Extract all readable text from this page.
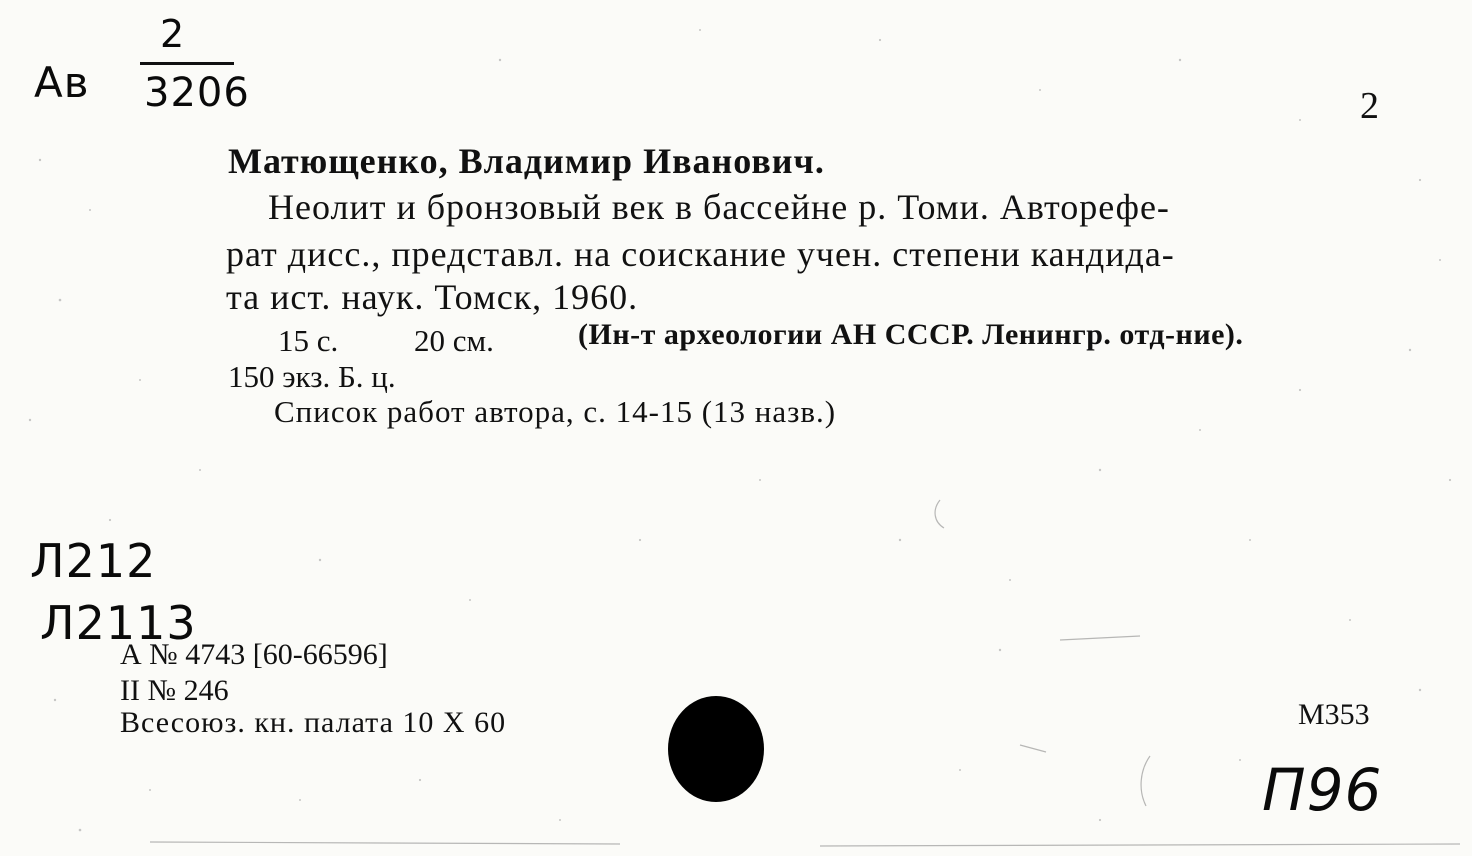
2
Ав 3206	2
Матющенко, Владимир Иванович.
Неолит и бронзовый век в бассейне р. Томи. Авторефе-
рат дисс., представл. на соискание учен. степени кандида-
та ист. наук. Томск, 1960.
15 с. 20 см.	(Ин-т археологии АН СССР. Ленингр. отд-ние).
150 экз. Б. ц.
Список работ автора, с. 14-15 (13 назв.)
Л212
Л2113
А № 4743 [60-66596]
II № 246
Всесоюз. кн. палата 10 X 60	М353
П96
